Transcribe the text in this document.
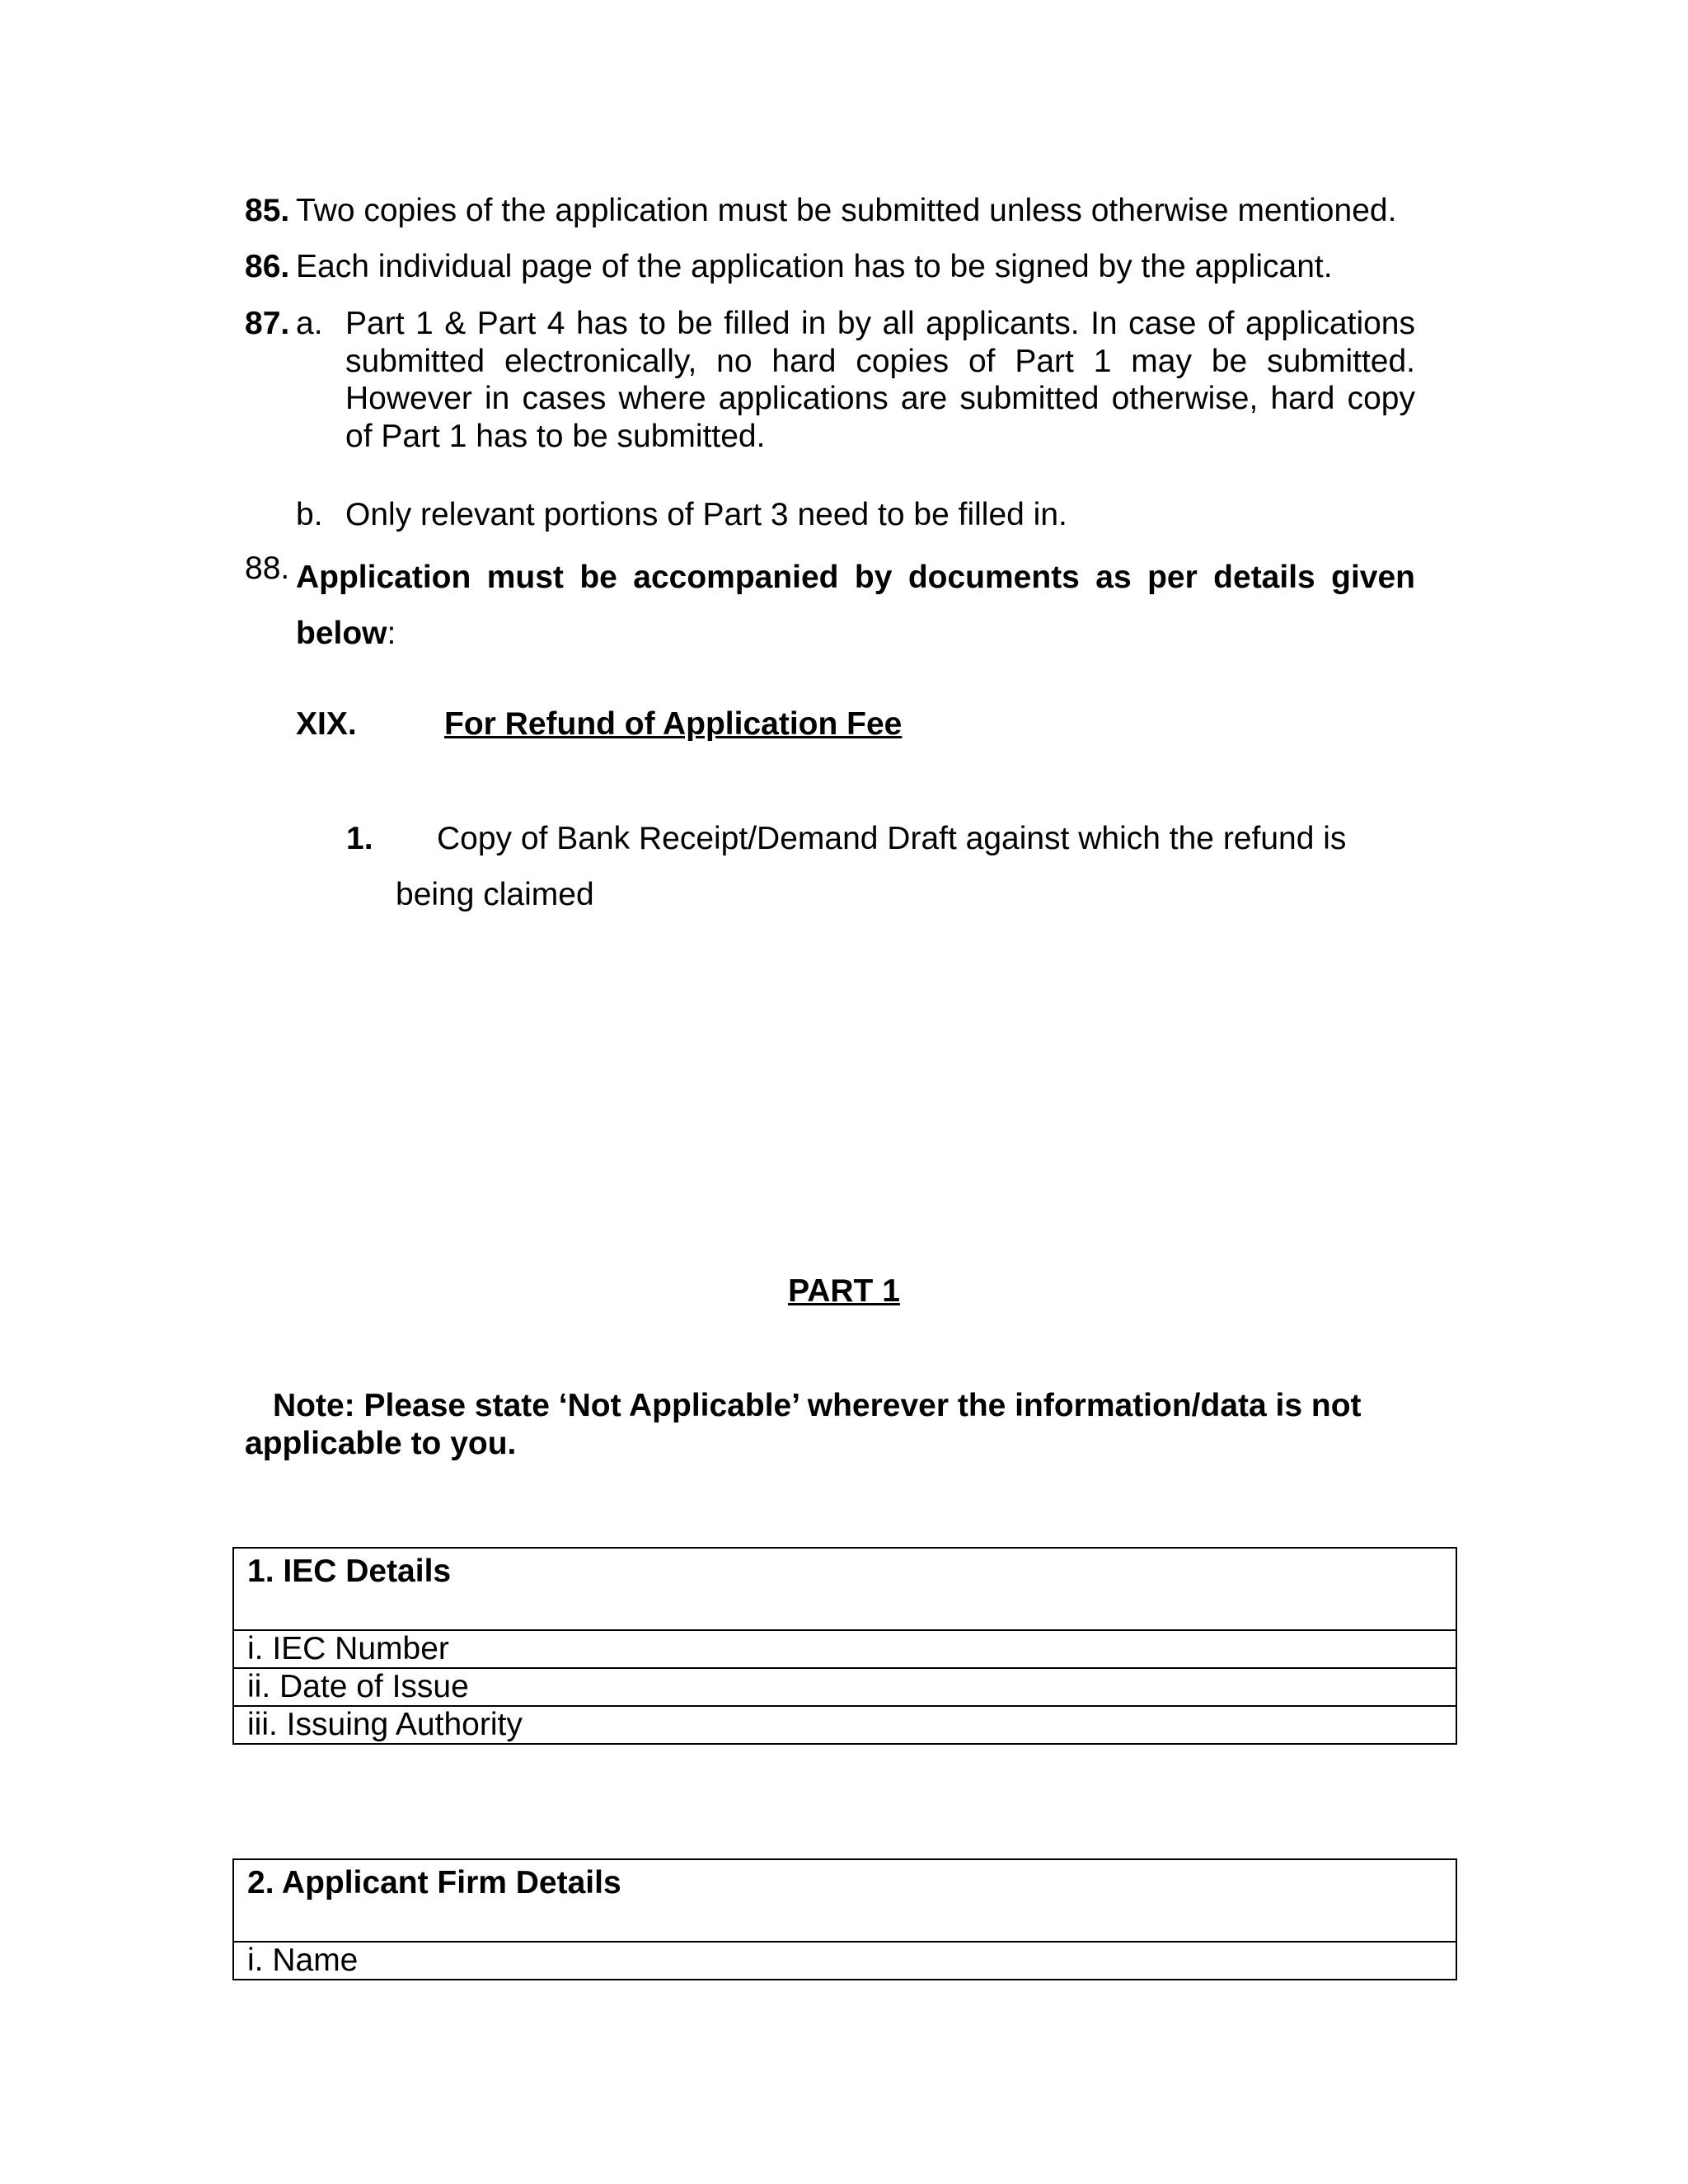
85. Two copies of the application must be submitted unless otherwise mentioned.
86. Each individual page of the application has to be signed by the applicant.
87. a. Part 1 & Part 4 has to be filled in by all applicants. In case of applications submitted electronically, no hard copies of Part 1 may be submitted. However in cases where applications are submitted otherwise, hard copy of Part 1 has to be submitted.
b. Only relevant portions of Part 3 need to be filled in.
88. Application must be accompanied by documents as per details given below:
XIX.	For Refund of Application Fee
1. Copy of Bank Receipt/Demand Draft against which the refund is
being claimed
PART 1
Note: Please state ‘Not Applicable’ wherever the information/data is not
applicable to you.
1. IEC Details
i. IEC Number
ii. Date of Issue
iii. Issuing Authority
2. Applicant Firm Details
i. Name
